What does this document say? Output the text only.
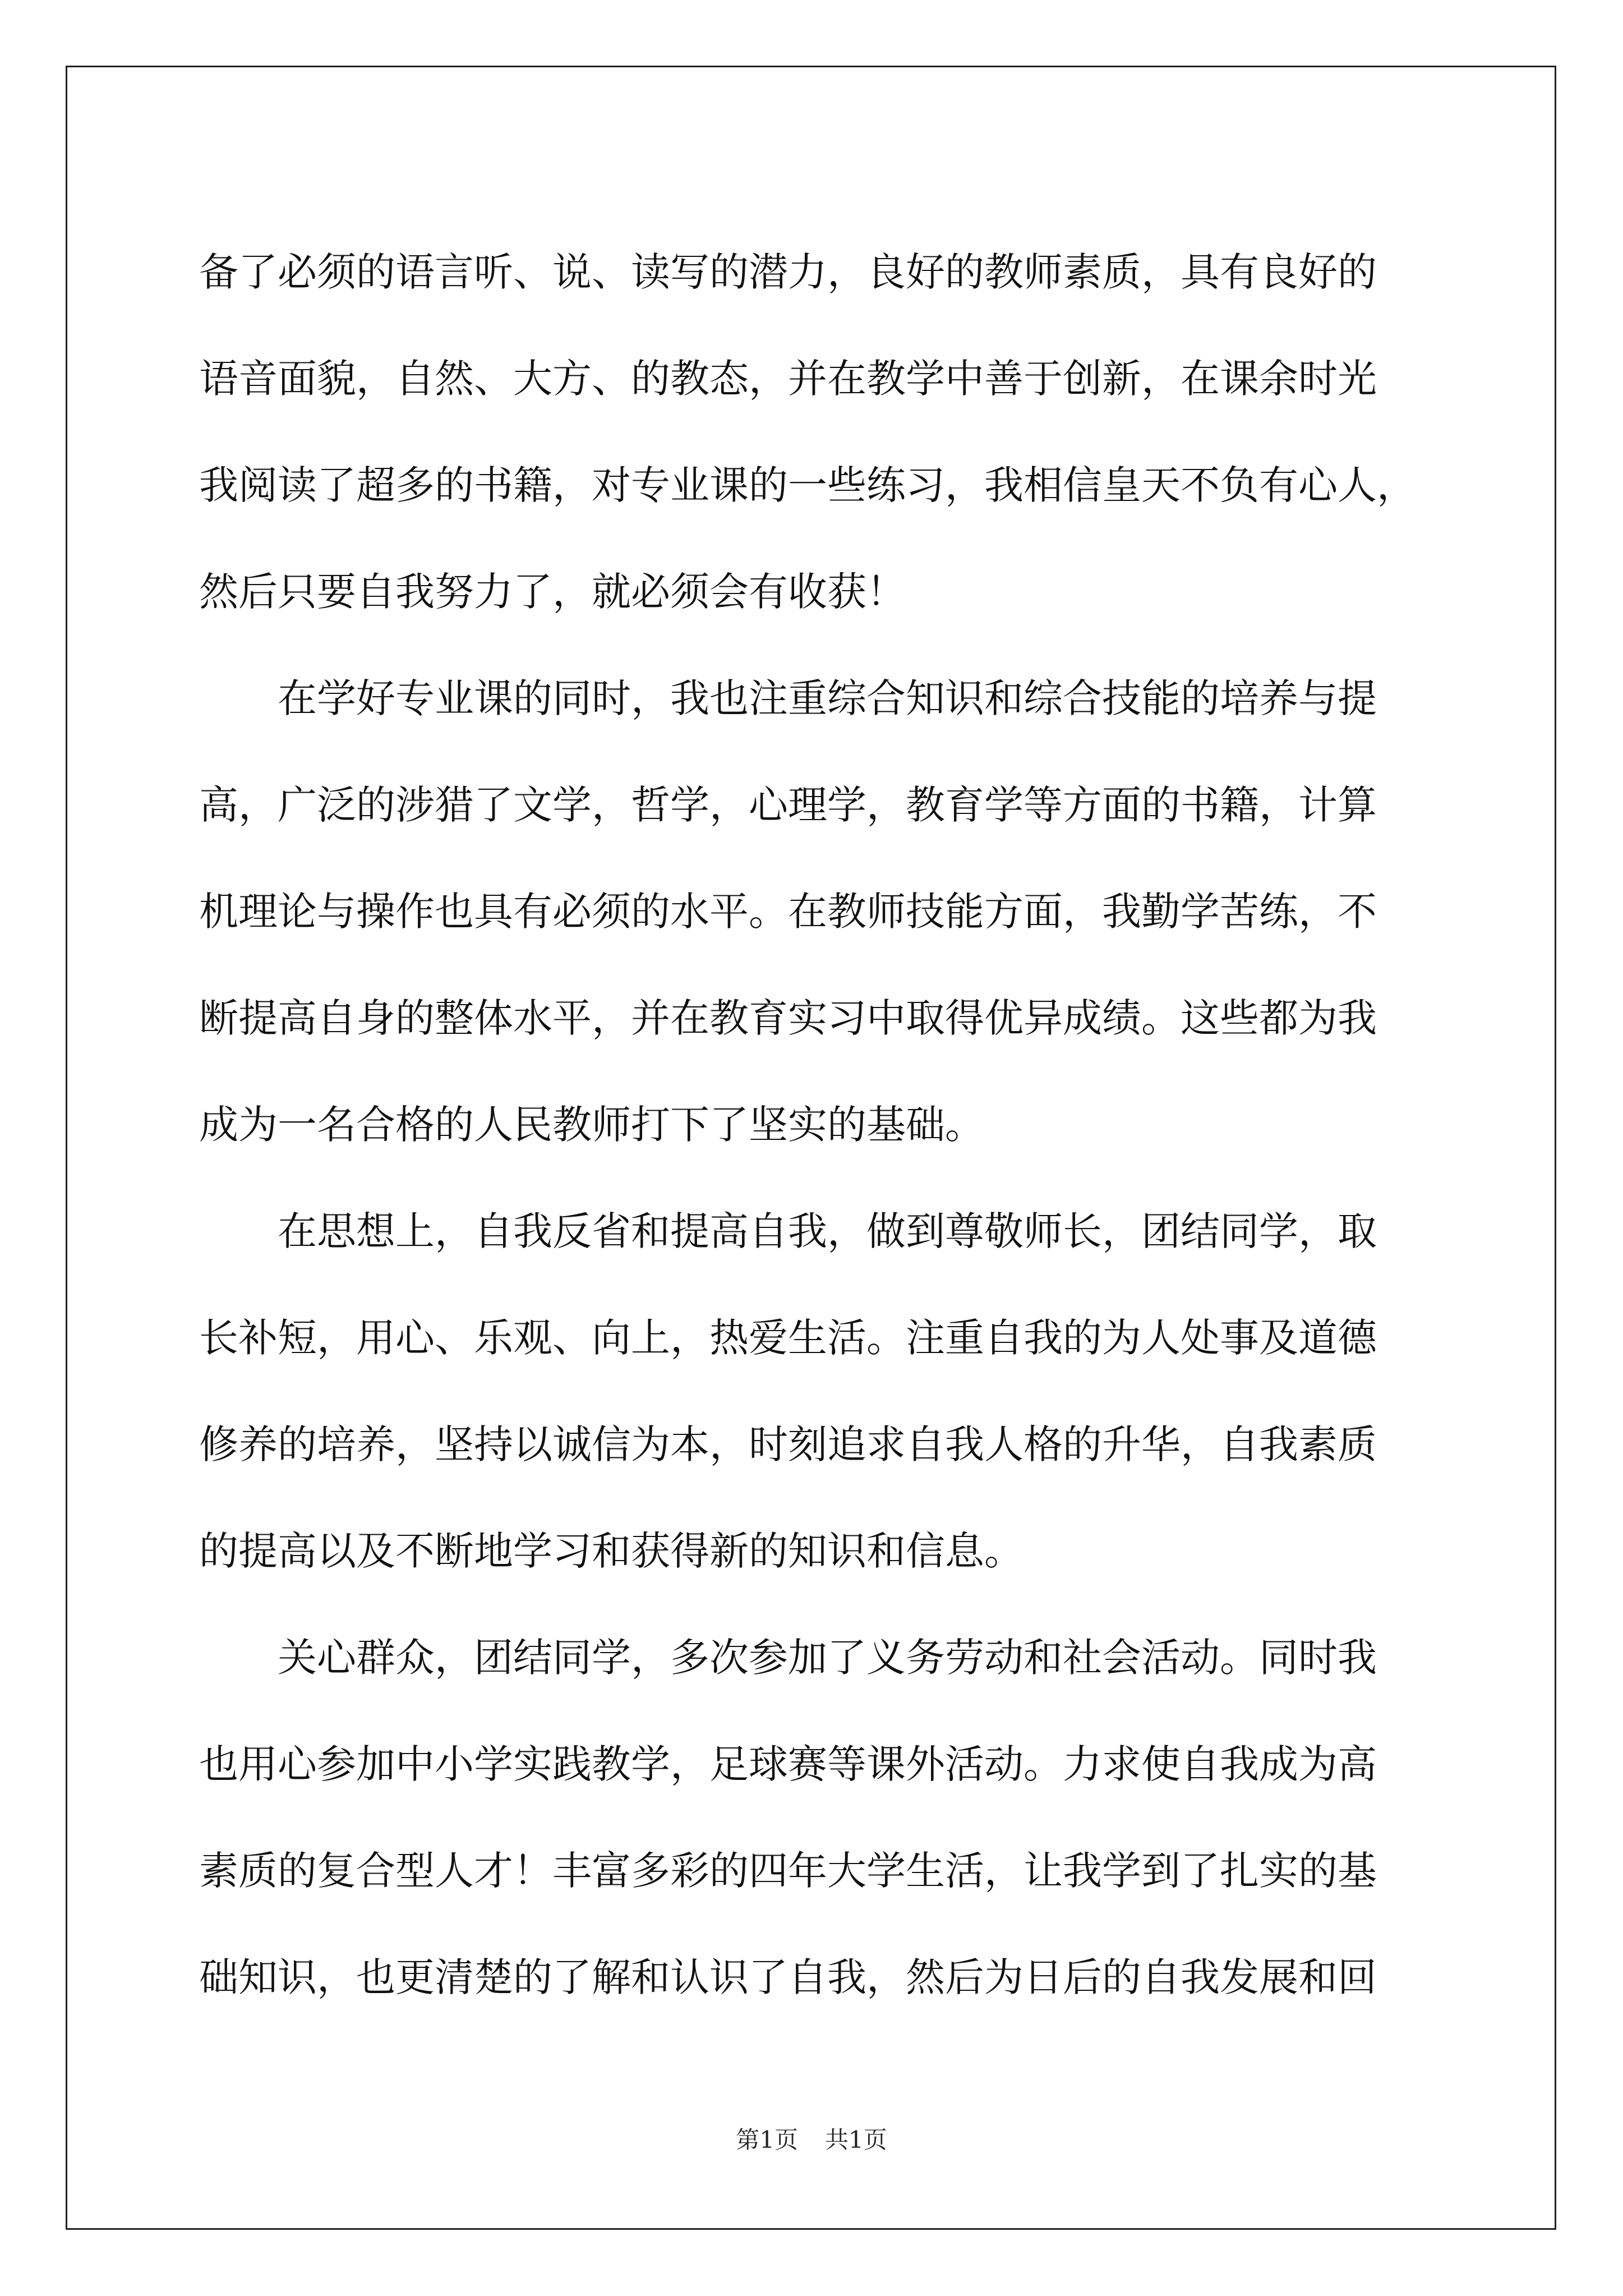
备了必须的语言听、说、读写的潜力，良好的教师素质，具有良好的
语音面貌，自然、大方、的教态，并在教学中善于创新，在课余时光
我阅读了超多的书籍，对专业课的一些练习，我相信皇天不负有心人，
然后只要自我努力了，就必须会有收获！
　　在学好专业课的同时，我也注重综合知识和综合技能的培养与提
高，广泛的涉猎了文学，哲学，心理学，教育学等方面的书籍，计算
机理论与操作也具有必须的水平。在教师技能方面，我勤学苦练，不
断提高自身的整体水平，并在教育实习中取得优异成绩。这些都为我
成为一名合格的人民教师打下了坚实的基础。
　　在思想上，自我反省和提高自我，做到尊敬师长，团结同学，取
长补短，用心、乐观、向上，热爱生活。注重自我的为人处事及道德
修养的培养，坚持以诚信为本，时刻追求自我人格的升华，自我素质
的提高以及不断地学习和获得新的知识和信息。
　　关心群众，团结同学，多次参加了义务劳动和社会活动。同时我
也用心参加中小学实践教学，足球赛等课外活动。力求使自我成为高
素质的复合型人才！丰富多彩的四年大学生活，让我学到了扎实的基
础知识，也更清楚的了解和认识了自我，然后为日后的自我发展和回
第1页 共1页
